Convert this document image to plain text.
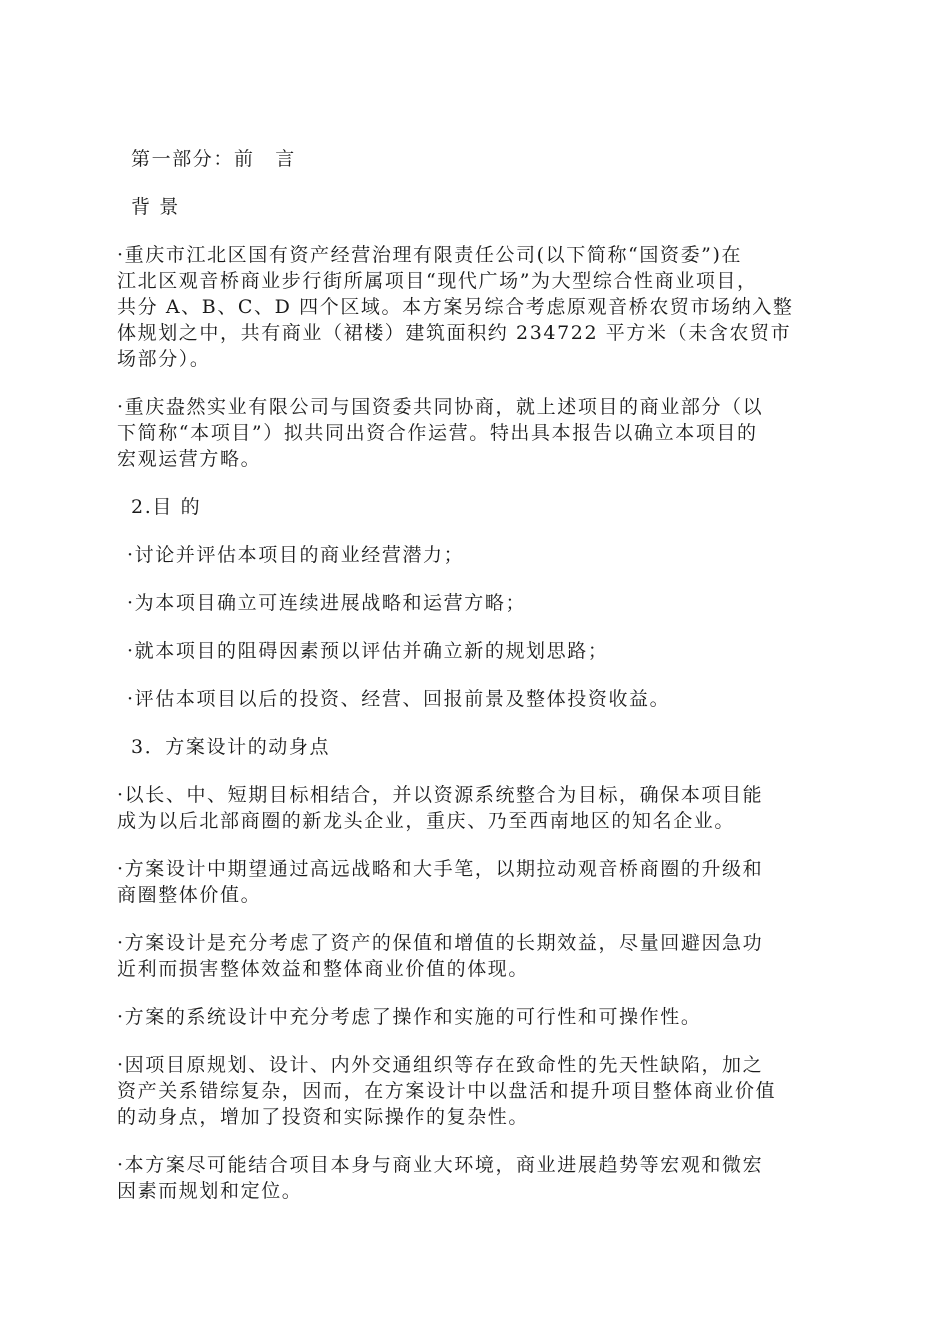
第一部分：前　言

背 景

·重庆市江北区国有资产经营治理有限责任公司(以下简称“国资委”)在

江北区观音桥商业步行街所属项目“现代广场”为大型综合性商业项目，

共分 A、B、C、D 四个区域。本方案另综合考虑原观音桥农贸市场纳入整

体规划之中，共有商业（裙楼）建筑面积约 234722 平方米（未含农贸市

场部分）。

·重庆盎然实业有限公司与国资委共同协商，就上述项目的商业部分（以

下简称“本项目”）拟共同出资合作运营。特出具本报告以确立本项目的

宏观运营方略。

2.目 的

·讨论并评估本项目的商业经营潜力；

·为本项目确立可连续进展战略和运营方略；

·就本项目的阻碍因素预以评估并确立新的规划思路；

·评估本项目以后的投资、经营、回报前景及整体投资收益。

3．方案设计的动身点

·以长、中、短期目标相结合，并以资源系统整合为目标，确保本项目能

成为以后北部商圈的新龙头企业，重庆、乃至西南地区的知名企业。

·方案设计中期望通过高远战略和大手笔，以期拉动观音桥商圈的升级和

商圈整体价值。

·方案设计是充分考虑了资产的保值和增值的长期效益，尽量回避因急功

近利而损害整体效益和整体商业价值的体现。

·方案的系统设计中充分考虑了操作和实施的可行性和可操作性。

·因项目原规划、设计、内外交通组织等存在致命性的先天性缺陷，加之

资产关系错综复杂，因而，在方案设计中以盘活和提升项目整体商业价值

的动身点，增加了投资和实际操作的复杂性。

·本方案尽可能结合项目本身与商业大环境，商业进展趋势等宏观和微宏

因素而规划和定位。
